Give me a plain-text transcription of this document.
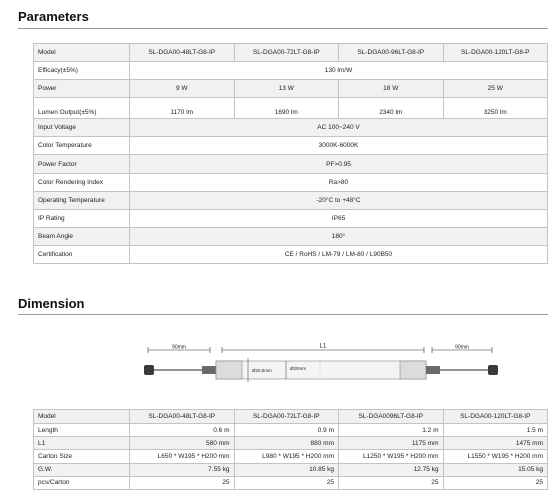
Parameters
Model	SL-DGA00-48LT-G8-IP	SL-DGA00-72LT-G8-IP	SL-DGA00-96LT-G8-IP	SL-DGA00-120LT-G8-P
Efficacy(±5%)	130 lm/W			
Power	9 W	13 W	18 W	25 W
Lumen Output(±5%)	1170 lm	1690 lm	2340 lm	3250 lm
Input Voltage	AC 100~240 V			
Color Temperature	3000K-6000K			
Power Factor	PF>0.95			
Color Rendering Index	Ra>80			
Operating Temperature	-20°C to +48°C			
IP Rating	IP65			
Beam Angle	180°			
Certification	CE / RoHS / LM-79 / LM-80 / L90B50			
Dimension
90mm	90mm
L1
Ø20.5mm	Ø20mm
Model	SL-DGA00-48LT-G8-IP	SL-DGA00-72LT-G8-IP	SL-DGA0096LT-G8-IP	SL-DGA00-120LT-G8-IP
Length	0.6 m	0.9 m	1.2 m	1.5 m
L1	580 mm	880 mm	1175 mm	1475 mm
Carton Size	L650 * W195 * H200 mm	L980 * W195 * H200 mm	L1250 * W195 * H200 mm	L1550 * W195 * H200 mm
G.W.	7.55 kg	10.85 kg	12.75 kg	15.05 kg
pcs/Carton	25	25	25	25
